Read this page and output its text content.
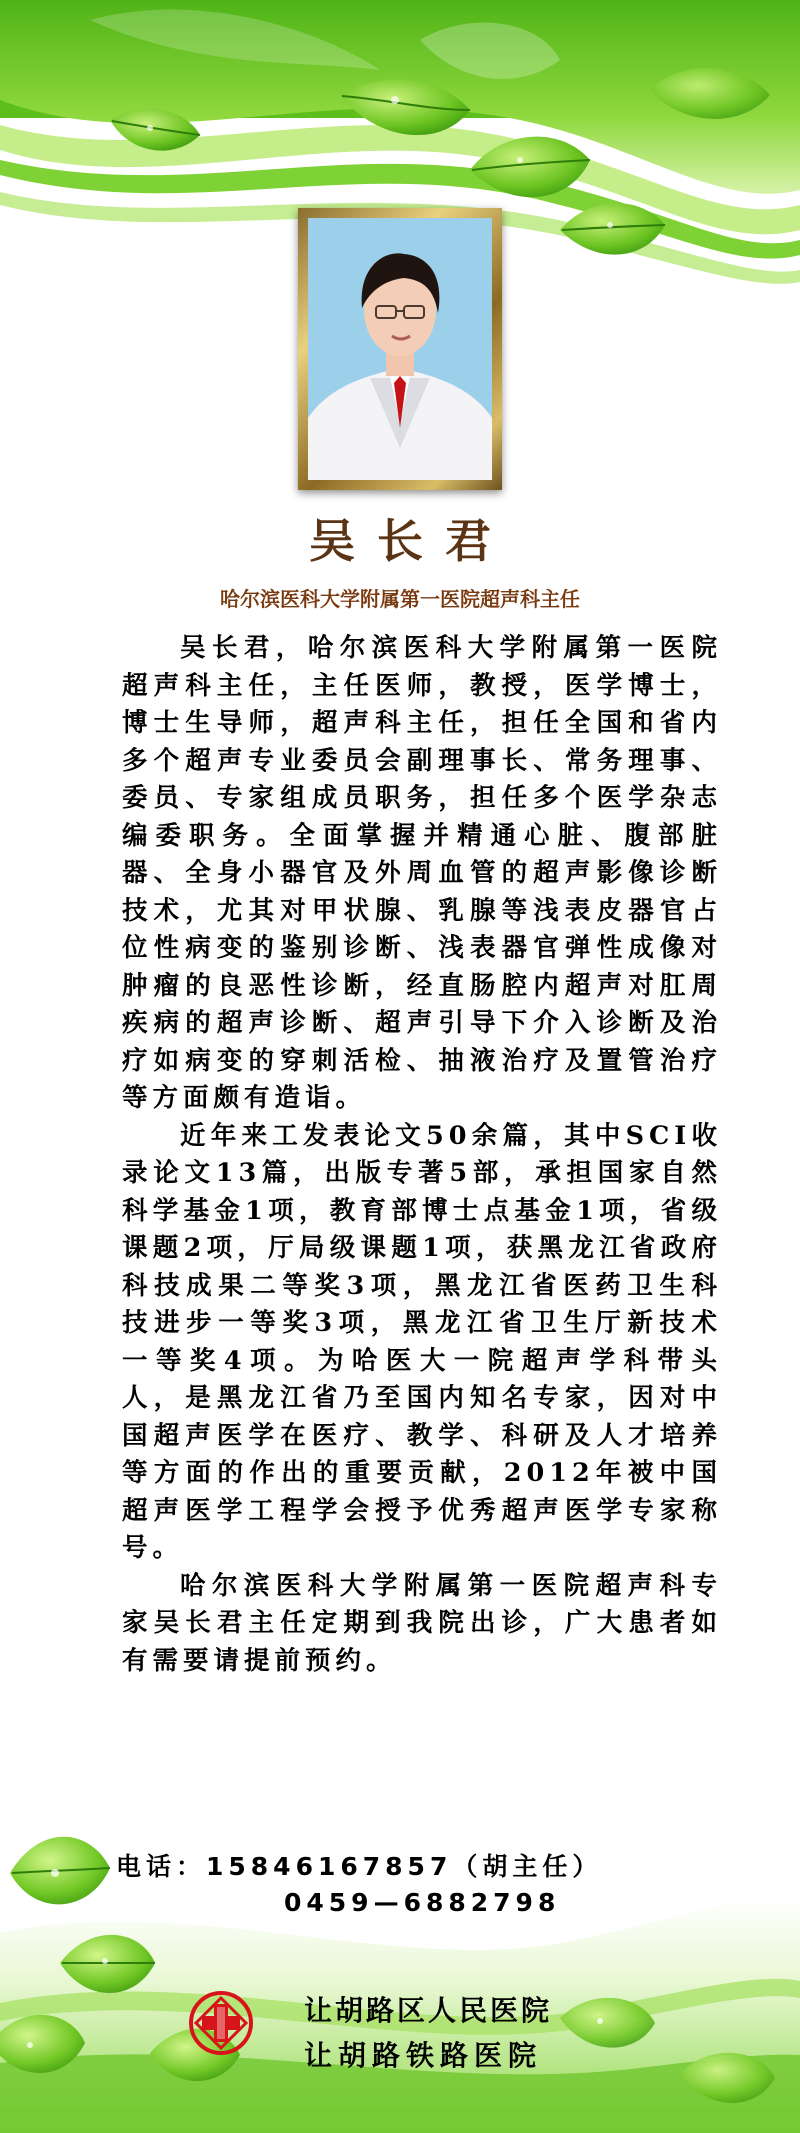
吴长君
哈尔滨医科大学附属第一医院超声科主任

吴长君，哈尔滨医科大学附属第一医院超声科主任，主任医师，教授，医学博士，博士生导师，超声科主任，担任全国和省内多个超声专业委员会副理事长、常务理事、委员、专家组成员职务，担任多个医学杂志编委职务。全面掌握并精通心脏、腹部脏器、全身小器官及外周血管的超声影像诊断技术，尤其对甲状腺、乳腺等浅表皮器官占位性病变的鉴别诊断、浅表器官弹性成像对肿瘤的良恶性诊断，经直肠腔内超声对肛周疾病的超声诊断、超声引导下介入诊断及治疗如病变的穿刺活检、抽液治疗及置管治疗等方面颇有造诣。

近年来工发表论文50余篇，其中SCI收录论文13篇，出版专著5部，承担国家自然科学基金1项，教育部博士点基金1项，省级课题2项，厅局级课题1项，获黑龙江省政府科技成果二等奖3项，黑龙江省医药卫生科技进步一等奖3项，黑龙江省卫生厅新技术一等奖4项。为哈医大一院超声学科带头人，是黑龙江省乃至国内知名专家，因对中国超声医学在医疗、教学、科研及人才培养等方面的作出的重要贡献，2012年被中国超声医学工程学会授予优秀超声医学专家称号。

哈尔滨医科大学附属第一医院超声科专家吴长君主任定期到我院出诊，广大患者如有需要请提前预约。

电话：15846167857（胡主任）
0459—6882798
让胡路区人民医院
让胡路铁路医院
